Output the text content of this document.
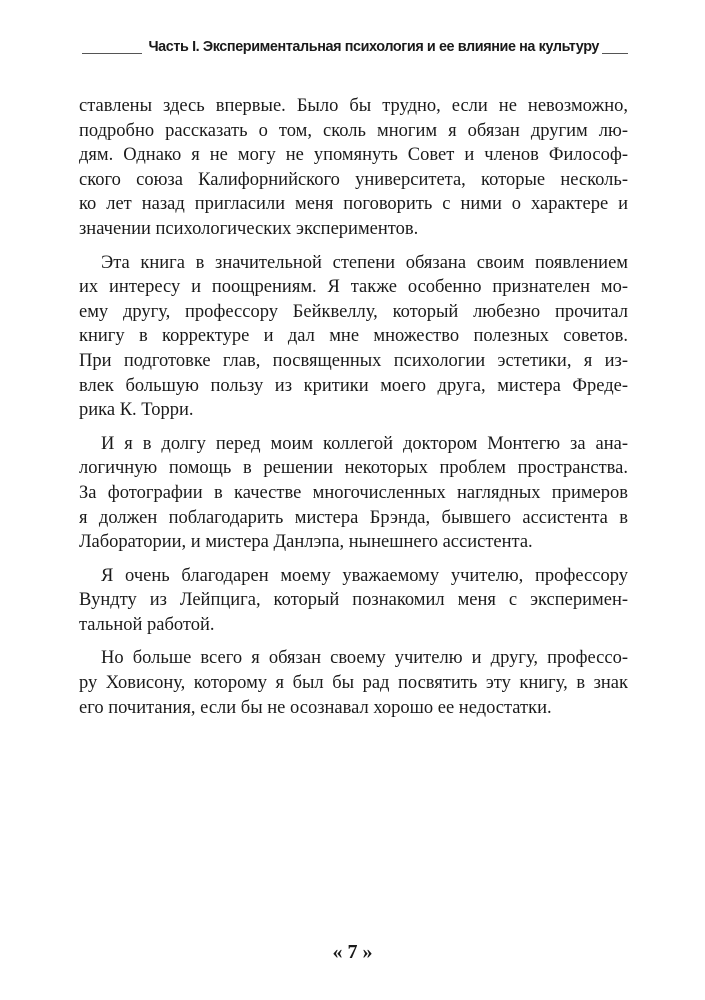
Часть I. Экспериментальная психология и ее влияние на культуру

ставлены здесь впервые. Было бы трудно, если не невозможно,
подробно рассказать о том, сколь многим я обязан другим лю-
дям. Однако я не могу не упомянуть Совет и членов Философ-
ского союза Калифорнийского университета, которые несколь-
ко лет назад пригласили меня поговорить с ними о характере и
значении психологических экспериментов.

Эта книга в значительной степени обязана своим появлением
их интересу и поощрениям. Я также особенно признателен мо-
ему другу, профессору Бейквеллу, который любезно прочитал
книгу в корректуре и дал мне множество полезных советов.
При подготовке глав, посвященных психологии эстетики, я из-
влек большую пользу из критики моего друга, мистера Фреде-
рика К. Торри.

И я в долгу перед моим коллегой доктором Монтегю за ана-
логичную помощь в решении некоторых проблем пространства.
За фотографии в качестве многочисленных наглядных примеров
я должен поблагодарить мистера Брэнда, бывшего ассистента в
Лаборатории, и мистера Данлэпа, нынешнего ассистента.

Я очень благодарен моему уважаемому учителю, профессору
Вундту из Лейпцига, который познакомил меня с эксперимен-
тальной работой.

Но больше всего я обязан своему учителю и другу, профессо-
ру Ховисону, которому я был бы рад посвятить эту книгу, в знак
его почитания, если бы не осознавал хорошо ее недостатки.

« 7 »
